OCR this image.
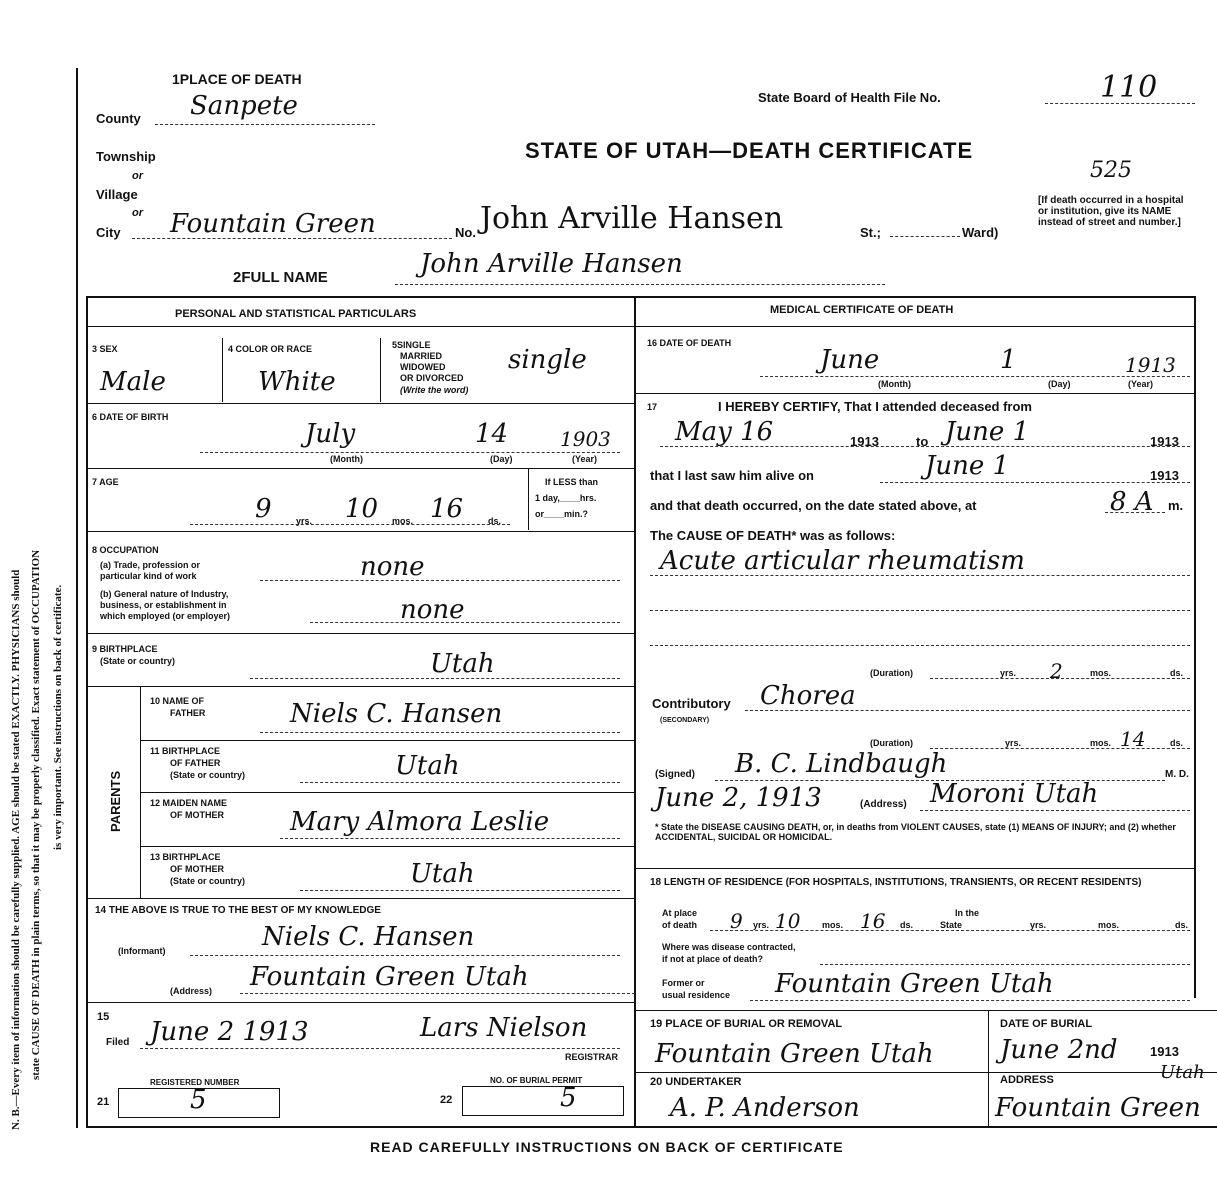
N. B.—Every item of information should be carefully supplied. AGE should be stated EXACTLY. PHYSICIANS should state CAUSE OF DEATH in plain terms, so that it may be properly classified. Exact statement of OCCUPATION is very important. See instructions on back of certificate.
1PLACE OF DEATH
State Board of Health File No.	110
County Sanpete
STATE OF UTAH—DEATH CERTIFICATE
525
Township
or
Village
or
City Fountain Green	No. John Arville Hansen	St.;	Ward)
[If death occurred in a hospital or institution, give its NAME instead of street and number.]
2FULL NAME	John Arville Hansen
PERSONAL AND STATISTICAL PARTICULARS
3 SEX
Male
4 COLOR OR RACE
White
5SINGLE
MARRIED
WIDOWED
OR DIVORCED
(Write the word)
single
6 DATE OF BIRTH
July	14	1903
(Month)	(Day)	(Year)
7 AGE
9	yrs. 10 mos. 16	ds.
If LESS than
1 day,____hrs.
or____min.?
8 OCCUPATION
(a) Trade, profession or
particular kind of work	none
(b) General nature of Industry,
business, or establishment in
which employed (or employer)	none
9 BIRTHPLACE
(State or country)	Utah
PARENTS
10 NAME OF
FATHER	Niels C. Hansen
11 BIRTHPLACE
OF FATHER
(State or country)	Utah
12 MAIDEN NAME
OF MOTHER	Mary Almora Leslie
13 BIRTHPLACE
OF MOTHER
(State or country)	Utah
14 THE ABOVE IS TRUE TO THE BEST OF MY KNOWLEDGE
(Informant)	Niels C. Hansen
(Address) Fountain Green Utah
15
Filed June 2 1913	Lars Nielson
REGISTRAR
REGISTERED NUMBER
21	5
NO. OF BURIAL PERMIT
22	5
MEDICAL CERTIFICATE OF DEATH
16 DATE OF DEATH
June	1	1913
(Month)	(Day)	(Year)
17	I HEREBY CERTIFY, That I attended deceased from
May 16	1913	to June 1	1913
that I last saw him alive on	June 1	1913
and that death occurred, on the date stated above, at	8 A m.
The CAUSE OF DEATH* was as follows:
Acute articular rheumatism
(Duration)	yrs. 2	mos.	ds.
Contributory
(SECONDARY)
Chorea
(Duration)	yrs.	mos. 14	ds.
(Signed) B. C. Lindbaugh	M. D.
June 2, 1913	(Address) Moroni Utah
* State the DISEASE CAUSING DEATH, or, in deaths from VIOLENT CAUSES, state (1) MEANS OF INJURY; and (2) whether ACCIDENTAL, SUICIDAL OR HOMICIDAL.
18 LENGTH OF RESIDENCE (FOR HOSPITALS, INSTITUTIONS, TRANSIENTS, OR RECENT RESIDENTS)
At place
of death 9 yrs. 10 mos. 16 ds.
In the
State	yrs.	mos.	ds.
Where was disease contracted,
if not at place of death?
Former or
usual residence Fountain Green Utah
19 PLACE OF BURIAL OR REMOVAL
Fountain Green Utah
DATE OF BURIAL
June 2nd	1913
20 UNDERTAKER
A. P. Anderson
ADDRESS	Utah
Fountain Green
READ CAREFULLY INSTRUCTIONS ON BACK OF CERTIFICATE
